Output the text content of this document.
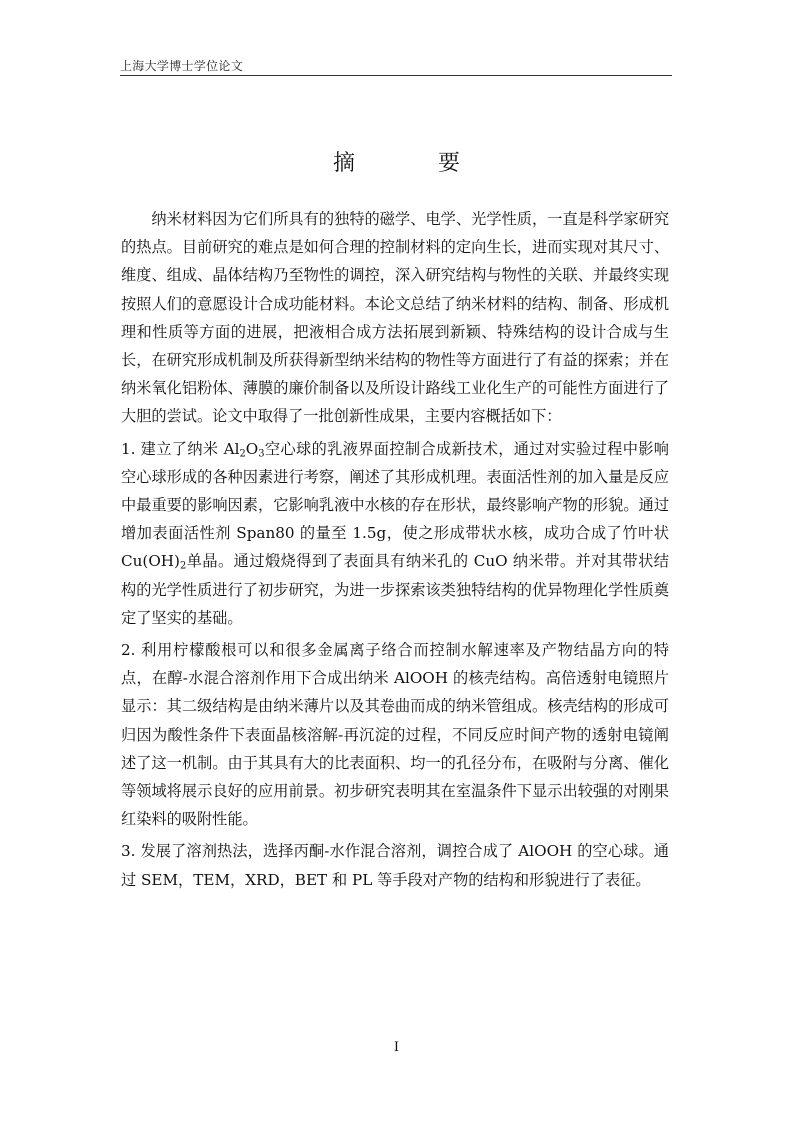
上海大学博士学位论文
摘 要

纳米材料因为它们所具有的独特的磁学、电学、光学性质，一直是科学家研究的热点。目前研究的难点是如何合理的控制材料的定向生长，进而实现对其尺寸、维度、组成、晶体结构乃至物性的调控，深入研究结构与物性的关联、并最终实现按照人们的意愿设计合成功能材料。本论文总结了纳米材料的结构、制备、形成机理和性质等方面的进展，把液相合成方法拓展到新颖、特殊结构的设计合成与生长，在研究形成机制及所获得新型纳米结构的物性等方面进行了有益的探索；并在纳米氧化铝粉体、薄膜的廉价制备以及所设计路线工业化生产的可能性方面进行了大胆的尝试。论文中取得了一批创新性成果，主要内容概括如下：

1. 建立了纳米 $Al_2O_3$空心球的乳液界面控制合成新技术，通过对实验过程中影响空心球形成的各种因素进行考察，阐述了其形成机理。表面活性剂的加入量是反应中最重要的影响因素，它影响乳液中水核的存在形状，最终影响产物的形貌。通过增加表面活性剂 Span80 的量至 1.5g，使之形成带状水核，成功合成了竹叶状 $Cu(OH)_2$单晶。通过煅烧得到了表面具有纳米孔的 CuO 纳米带。并对其带状结构的光学性质进行了初步研究，为进一步探索该类独特结构的优异物理化学性质奠定了坚实的基础。

2. 利用柠檬酸根可以和很多金属离子络合而控制水解速率及产物结晶方向的特点，在醇-水混合溶剂作用下合成出纳米 AlOOH 的核壳结构。高倍透射电镜照片显示：其二级结构是由纳米薄片以及其卷曲而成的纳米管组成。核壳结构的形成可归因为酸性条件下表面晶核溶解-再沉淀的过程，不同反应时间产物的透射电镜阐述了这一机制。由于其具有大的比表面积、均一的孔径分布，在吸附与分离、催化等领域将展示良好的应用前景。初步研究表明其在室温条件下显示出较强的对刚果红染料的吸附性能。

3. 发展了溶剂热法，选择丙酮-水作混合溶剂，调控合成了 AlOOH 的空心球。通过 SEM，TEM，XRD，BET 和 PL 等手段对产物的结构和形貌进行了表征。

I
